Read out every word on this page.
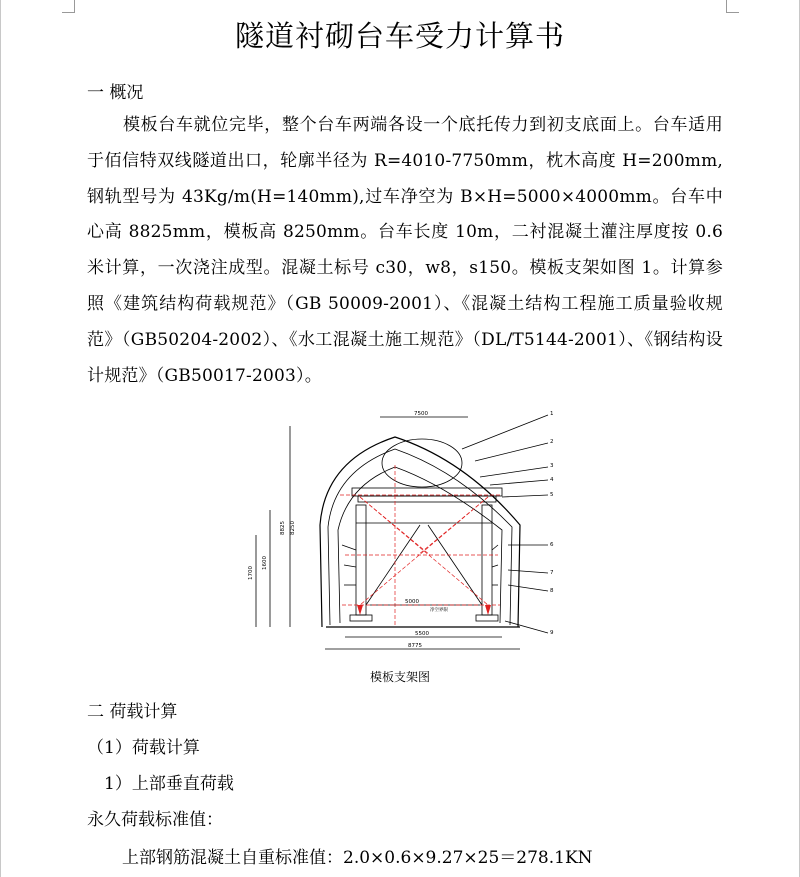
隧道衬砌台车受力计算书
一 概况
模板台车就位完毕，整个台车两端各设一个底托传力到初支底面上。台车适用于佰信特双线隧道出口，轮廓半径为 R=4010-7750mm，枕木高度 H=200mm,钢轨型号为 43Kg/m(H=140mm),过车净空为 B×H=5000×4000mm。台车中心高 8825mm，模板高 8250mm。台车长度 10m，二衬混凝土灌注厚度按 0.6 米计算，一次浇注成型。混凝土标号 c30，w8，s150。模板支架如图 1。计算参照《建筑结构荷载规范》（GB 50009-2001）、《混凝土结构工程施工质量验收规范》（GB50204-2002）、《水工混凝土施工规范》（DL/T5144-2001）、《钢结构设计规范》（GB50017-2003）。
7500
8825 8250
1600
1700
5000
5500
8775
净空界限
1
2
3
4
5
6
7
8
9
模板支架图
二 荷载计算
（1）荷载计算
1）上部垂直荷载
永久荷载标准值：
上部钢筋混凝土自重标准值：2.0×0.6×9.27×25＝278.1KN
